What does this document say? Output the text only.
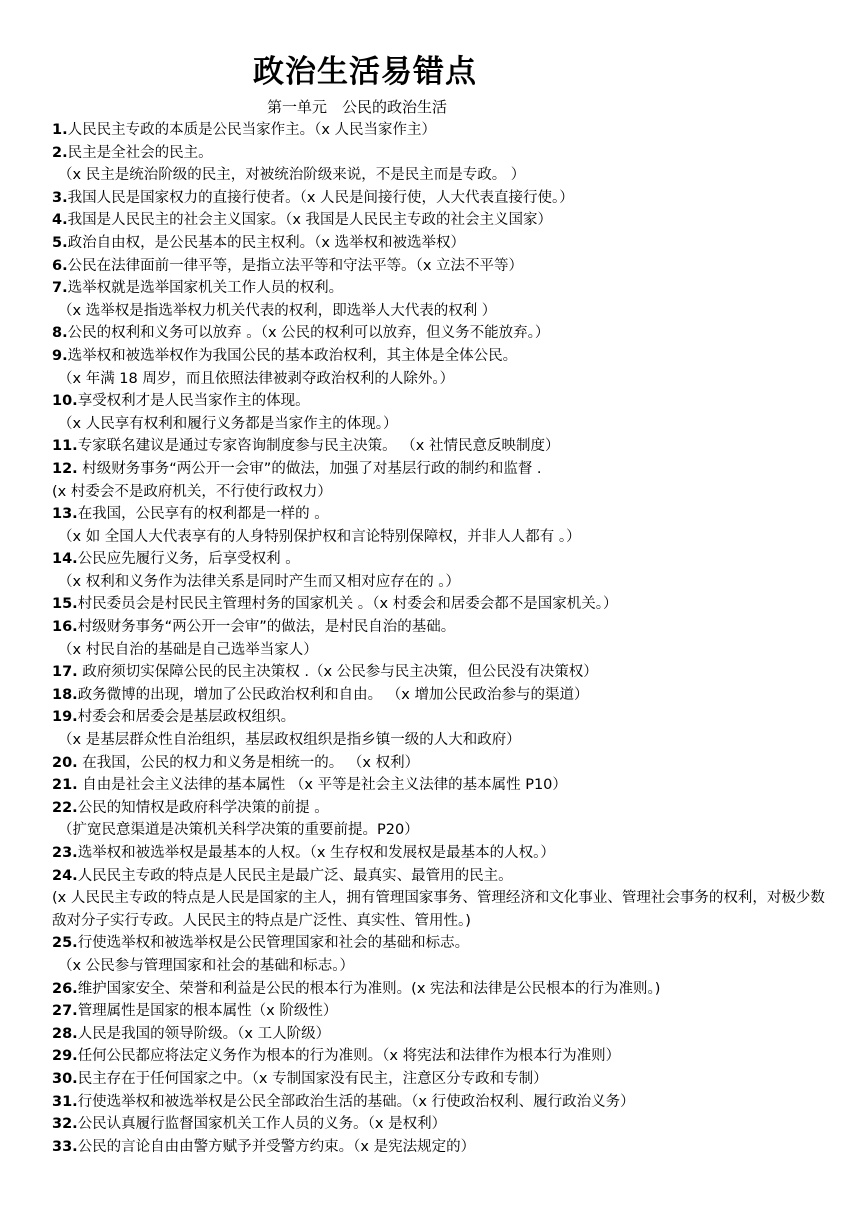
政治生活易错点
第一单元　公民的政治生活
1.人民民主专政的本质是公民当家作主。（x 人民当家作主）
2.民主是全社会的民主。
（x 民主是统治阶级的民主，对被统治阶级来说，不是民主而是专政。 ）
3.我国人民是国家权力的直接行使者。（x 人民是间接行使，人大代表直接行使。）
4.我国是人民民主的社会主义国家。（x 我国是人民民主专政的社会主义国家）
5.政治自由权，是公民基本的民主权利。（x 选举权和被选举权）
6.公民在法律面前一律平等，是指立法平等和守法平等。（x 立法不平等）
7.选举权就是选举国家机关工作人员的权利。
（x 选举权是指选举权力机关代表的权利，即选举人大代表的权利 ）
8.公民的权利和义务可以放弃 。（x 公民的权利可以放弃，但义务不能放弃。）
9.选举权和被选举权作为我国公民的基本政治权利，其主体是全体公民。
（x 年满 18 周岁，而且依照法律被剥夺政治权利的人除外。）
10.享受权利才是人民当家作主的体现。
（x 人民享有权利和履行义务都是当家作主的体现。）
11.专家联名建议是通过专家咨询制度参与民主决策。 （x 社情民意反映制度）
12. 村级财务事务“两公开一会审”的做法，加强了对基层行政的制约和监督 .
(x 村委会不是政府机关，不行使行政权力）
13.在我国，公民享有的权利都是一样的 。
（x 如 全国人大代表享有的人身特别保护权和言论特别保障权，并非人人都有 。）
14.公民应先履行义务，后享受权利 。
（x 权利和义务作为法律关系是同时产生而又相对应存在的 。）
15.村民委员会是村民民主管理村务的国家机关 。（x 村委会和居委会都不是国家机关。）
16.村级财务事务“两公开一会审”的做法，是村民自治的基础。
（x 村民自治的基础是自己选举当家人）
17. 政府须切实保障公民的民主决策权 .（x 公民参与民主决策，但公民没有决策权）
18.政务微博的出现，增加了公民政治权利和自由。 （x 增加公民政治参与的渠道）
19.村委会和居委会是基层政权组织。
（x 是基层群众性自治组织，基层政权组织是指乡镇一级的人大和政府）
20. 在我国，公民的权力和义务是相统一的。 （x 权利）
21. 自由是社会主义法律的基本属性 （x 平等是社会主义法律的基本属性 P10）
22.公民的知情权是政府科学决策的前提 。
（扩宽民意渠道是决策机关科学决策的重要前提。P20）
23.选举权和被选举权是最基本的人权。（x 生存权和发展权是最基本的人权。）
24.人民民主专政的特点是人民民主是最广泛、最真实、最管用的民主。
(x 人民民主专政的特点是人民是国家的主人，拥有管理国家事务、管理经济和文化事业、管理社会事务的权利，对极少数敌对分子实行专政。人民民主的特点是广泛性、真实性、管用性。)
25.行使选举权和被选举权是公民管理国家和社会的基础和标志。
（x 公民参与管理国家和社会的基础和标志。）
26.维护国家安全、荣誉和利益是公民的根本行为准则。(x 宪法和法律是公民根本的行为准则。)
27.管理属性是国家的根本属性（x 阶级性）
28.人民是我国的领导阶级。（x 工人阶级）
29.任何公民都应将法定义务作为根本的行为准则。（x 将宪法和法律作为根本行为准则）
30.民主存在于任何国家之中。（x 专制国家没有民主，注意区分专政和专制）
31.行使选举权和被选举权是公民全部政治生活的基础。（x 行使政治权利、履行政治义务）
32.公民认真履行监督国家机关工作人员的义务。（x 是权利）
33.公民的言论自由由警方赋予并受警方约束。（x 是宪法规定的）
